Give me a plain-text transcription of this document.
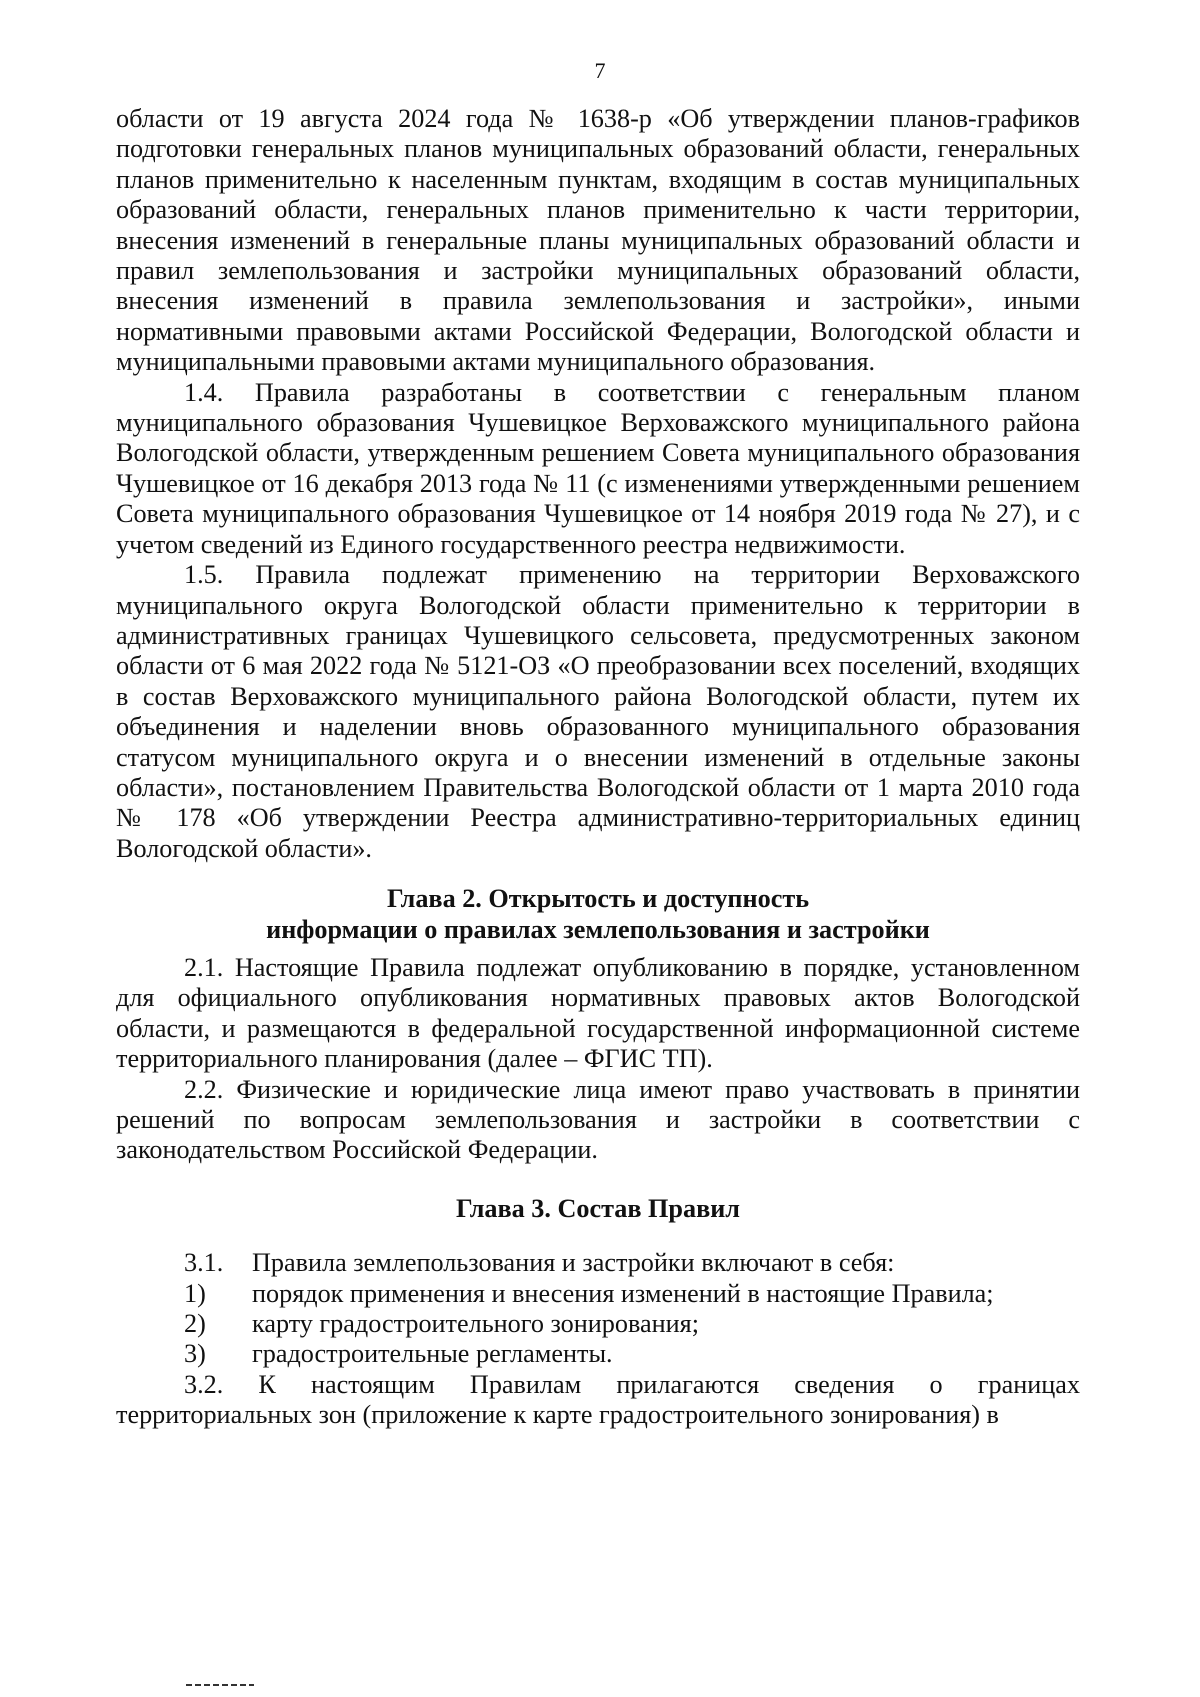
7

области от 19 августа 2024 года № 1638-р «Об утверждении планов-графиков подготовки генеральных планов муниципальных образований области, генеральных планов применительно к населенным пунктам, входящим в состав муниципальных образований области, генеральных планов применительно к части территории, внесения изменений в генеральные планы муниципальных образований области и правил землепользования и застройки муниципальных образований области, внесения изменений в правила землепользования и застройки», иными нормативными правовыми актами Российской Федерации, Вологодской области и муниципальными правовыми актами муниципального образования.

1.4. Правила разработаны в соответствии с генеральным планом муниципального образования Чушевицкое Верховажского муниципального района Вологодской области, утвержденным решением Совета муниципального образования Чушевицкое от 16 декабря 2013 года № 11 (с изменениями утвержденными решением Совета муниципального образования Чушевицкое от 14 ноября 2019 года № 27), и с учетом сведений из Единого государственного реестра недвижимости.

1.5. Правила подлежат применению на территории Верховажского муниципального округа Вологодской области применительно к территории в административных границах Чушевицкого сельсовета, предусмотренных законом области от 6 мая 2022 года № 5121-ОЗ «О преобразовании всех поселений, входящих в состав Верховажского муниципального района Вологодской области, путем их объединения и наделении вновь образованного муниципального образования статусом муниципального округа и о внесении изменений в отдельные законы области», постановлением Правительства Вологодской области от 1 марта 2010 года № 178 «Об утверждении Реестра административно-территориальных единиц Вологодской области».

Глава 2. Открытость и доступность
информации о правилах землепользования и застройки

2.1. Настоящие Правила подлежат опубликованию в порядке, установленном для официального опубликования нормативных правовых актов Вологодской области, и размещаются в федеральной государственной информационной системе территориального планирования (далее – ФГИС ТП).

2.2. Физические и юридические лица имеют право участвовать в принятии решений по вопросам землепользования и застройки в соответствии с законодательством Российской Федерации.

Глава 3. Состав Правил
3.1.	Правила землепользования и застройки включают в себя:
1)	порядок применения и внесения изменений в настоящие Правила;
2)	карту градостроительного зонирования;
3)	градостроительные регламенты.

3.2. К настоящим Правилам прилагаются сведения о границах территориальных зон (приложение к карте градостроительного зонирования) в
